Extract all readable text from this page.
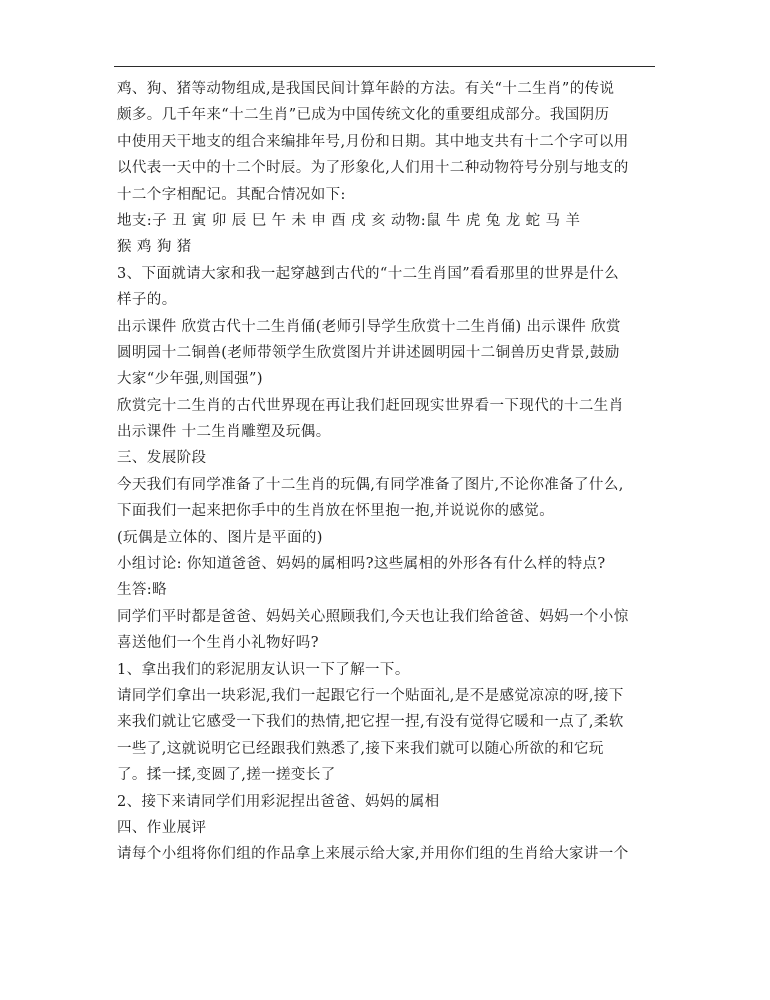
鸡、狗、猪等动物组成,是我国民间计算年龄的方法。有关“十二生肖”的传说
颇多。几千年来“十二生肖”已成为中国传统文化的重要组成部分。我国阴历
中使用天干地支的组合来编排年号,月份和日期。其中地支共有十二个字可以用
以代表一天中的十二个时辰。为了形象化,人们用十二种动物符号分别与地支的
十二个字相配记。其配合情况如下:
地支:子 丑 寅 卯 辰 巳 午 未 申 酉 戌 亥 动物:鼠 牛 虎 兔 龙 蛇 马 羊
猴 鸡 狗 猪
3、下面就请大家和我一起穿越到古代的“十二生肖国”看看那里的世界是什么
样子的。
出示课件 欣赏古代十二生肖俑(老师引导学生欣赏十二生肖俑) 出示课件 欣赏
圆明园十二铜兽(老师带领学生欣赏图片并讲述圆明园十二铜兽历史背景,鼓励
大家“少年强,则国强”)
欣赏完十二生肖的古代世界现在再让我们赶回现实世界看一下现代的十二生肖
出示课件 十二生肖雕塑及玩偶。
三、发展阶段
今天我们有同学准备了十二生肖的玩偶,有同学准备了图片,不论你准备了什么,
下面我们一起来把你手中的生肖放在怀里抱一抱,并说说你的感觉。
(玩偶是立体的、图片是平面的)
小组讨论: 你知道爸爸、妈妈的属相吗?这些属相的外形各有什么样的特点?
生答:略
同学们平时都是爸爸、妈妈关心照顾我们,今天也让我们给爸爸、妈妈一个小惊
喜送他们一个生肖小礼物好吗?
1、拿出我们的彩泥朋友认识一下了解一下。
请同学们拿出一块彩泥,我们一起跟它行一个贴面礼,是不是感觉凉凉的呀,接下
来我们就让它感受一下我们的热情,把它捏一捏,有没有觉得它暖和一点了,柔软
一些了,这就说明它已经跟我们熟悉了,接下来我们就可以随心所欲的和它玩
了。揉一揉,变圆了,搓一搓变长了
2、接下来请同学们用彩泥捏出爸爸、妈妈的属相
四、作业展评
请每个小组将你们组的作品拿上来展示给大家,并用你们组的生肖给大家讲一个
